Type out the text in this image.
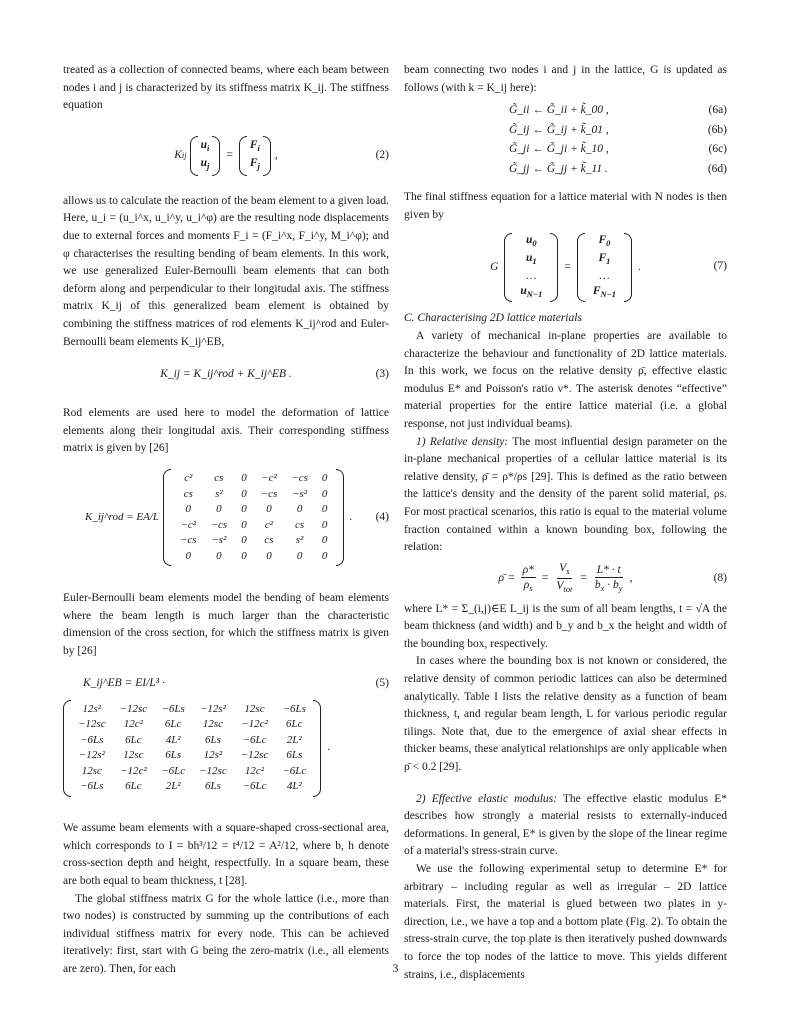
treated as a collection of connected beams, where each beam between nodes i and j is characterized by its stiffness matrix K_ij. The stiffness equation

K ij
$u_i$
$u_j$
=
$F_i$
$F_j$
,	(2)

allows us to calculate the reaction of the beam element to a given load. Here, u_i = (u_i^x, u_i^y, u_i^φ) are the resulting node displacements due to external forces and moments F_i = (F_i^x, F_i^y, M_i^φ); and φ characterises the resulting bending of beam elements. In this work, we use generalized Euler-Bernoulli beam elements that can both deform along and perpendicular to their longitudal axis. The stiffness matrix K_ij of this generalized beam element is obtained by combining the stiffness matrices of rod elements K_ij^rod and Euler-Bernoulli beam elements K_ij^EB,

K_ij = K_ij^rod + K_ij^EB .	(3)

Rod elements are used here to model the deformation of lattice elements along their longitudal axis. Their corresponding stiffness matrix is given by [26]

K_ij^rod = EA/L
c²	cs	0	−c²	−cs	0
cs	s²	0	−cs	−s²	0
0	0	0	0	0	0
−c²	−cs	0	c²	cs	0
−cs	−s²	0	cs	s²	0
0	0	0	0	0	0
. (4)

Euler-Bernoulli beam elements model the bending of beam elements where the beam length is much larger than the characteristic dimension of the cross section, for which the stiffness matrix is given by [26]

K_ij^EB = EI/L³ ·	(5)
12s²	−12sc	−6Ls	−12s²	12sc	−6Ls
−12sc	12c²	6Lc	12sc	−12c²	6Lc
−6Ls	6Lc	4L²	6Ls	−6Lc	2L²
−12s²	12sc	6Ls	12s²	−12sc	6Ls
12sc	−12c²	−6Lc	−12sc	12c²	−6Lc
−6Ls	6Lc	2L²	6Ls	−6Lc	4L²
.

We assume beam elements with a square-shaped cross-sectional area, which corresponds to I = bh³/12 = t⁴/12 = A²/12, where b, h denote cross-section depth and height, respectfully. In a square beam, these are both equal to beam thickness, t [28].

The global stiffness matrix G for the whole lattice (i.e., more than two nodes) is constructed by summing up the contributions of each individual stiffness matrix for every node. This can be achieved iteratively: first, start with G being the zero-matrix (i.e., all elements are zero). Then, for each

beam connecting two nodes i and j in the lattice, G is updated as follows (with k = K_ij here):

G̃_ii ← G̃_ii + k̃_00 ,	(6a)
G̃_ij ← G̃_ij + k̃_01 ,	(6b)
G̃_ji ← G̃_ji + k̃_10 ,	(6c)
G̃_jj ← G̃_jj + k̃_11 .	(6d)

The final stiffness equation for a lattice material with N nodes is then given by

G
$u_0$
$u_1$
…
$u_{N-1}$
=
$F_0$
$F_1$
…
$F_{N-1}$
.	(7)

C. Characterising 2D lattice materials

A variety of mechanical in-plane properties are available to characterize the behaviour and functionality of 2D lattice materials. In this work, we focus on the relative density ρ̄, effective elastic modulus E* and Poisson's ratio ν*. The asterisk denotes “effective” material properties for the entire lattice material (i.e. a global response, not just individual beams).

1) Relative density: The most influential design parameter on the in-plane mechanical properties of a cellular lattice material is its relative density, ρ̄ = ρ*/ρs [29]. This is defined as the ratio between the lattice's density and the density of the parent solid material, ρs. For most practical scenarios, this ratio is equal to the material volume fraction contained within a known bounding box, following the relation:

ρ̄ = $\frac{\rho*}{\rho_s} = \frac{V_s}{V_{tot}} = \frac{L* \cdot t}{b_x \cdot b_y}$ ,	(8)

where L* = Σ_(i,j)∈E L_ij is the sum of all beam lengths, t = √A the beam thickness (and width) and b_y and b_x the height and width of the bounding box, respectively.

In cases where the bounding box is not known or considered, the relative density of common periodic lattices can also be determined analytically. Table I lists the relative density as a function of beam thickness, t, and regular beam length, L for various periodic regular tilings. Note that, due to the emergence of axial shear effects in thicker beams, these analytical relationships are only applicable when ρ̄ < 0.2 [29].

2) Effective elastic modulus: The effective elastic modulus E* describes how strongly a material resists to externally-induced deformations. In general, E* is given by the slope of the linear regime of a material's stress-strain curve.

We use the following experimental setup to determine E* for arbitrary – including regular as well as irregular – 2D lattice materials. First, the material is glued between two plates in y-direction, i.e., we have a top and a bottom plate (Fig. 2). To obtain the stress-strain curve, the top plate is then iteratively pushed downwards to force the top nodes of the lattice to move. This yields different strains, i.e., displacements

3
